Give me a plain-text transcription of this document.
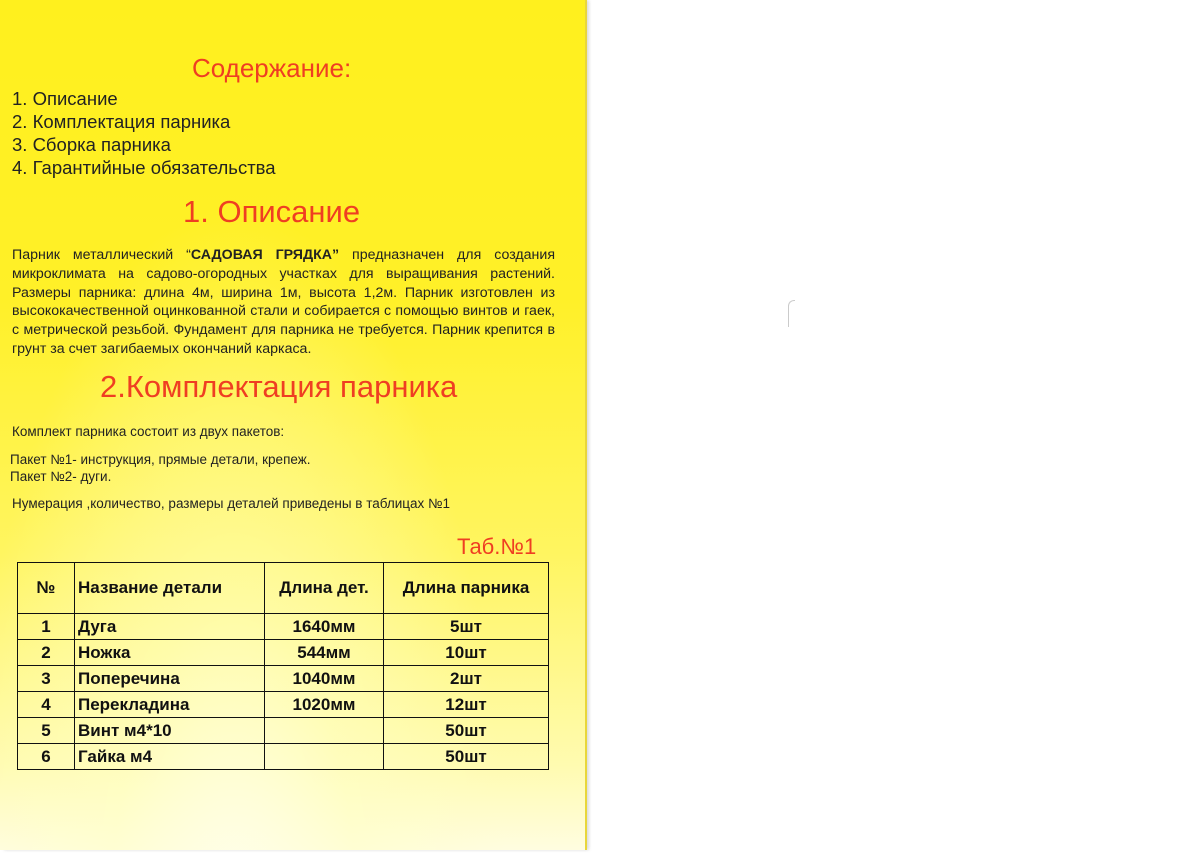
Содержание:
1. Описание
2. Комплектация парника
3. Сборка парника
4. Гарантийные обязательства
1. Описание
Парник металлический “САДОВАЯ ГРЯДКА” предназначен для создания микроклимата на садово-огородных участках для выращивания растений. Размеры парника: длина 4м, ширина 1м, высота 1,2м. Парник изготовлен из высококачественной оцинкованной стали и собирается с помощью винтов и гаек, с метрической резьбой. Фундамент для парника не требуется. Парник крепится в грунт за счет загибаемых окончаний каркаса.
2.Комплектация парника
Комплект парника состоит из двух пакетов:
Пакет №1- инструкция, прямые детали, крепеж.
Пакет №2- дуги.
Нумерация ,количество, размеры деталей приведены в таблицах №1
Таб.№1
№	Название детали	Длина дет.	Длина парника
1	Дуга	1640мм	5шт
2	Ножка	544мм	10шт
3	Поперечина	1040мм	2шт
4	Перекладина	1020мм	12шт
5	Винт м4*10		50шт
6	Гайка м4		50шт
